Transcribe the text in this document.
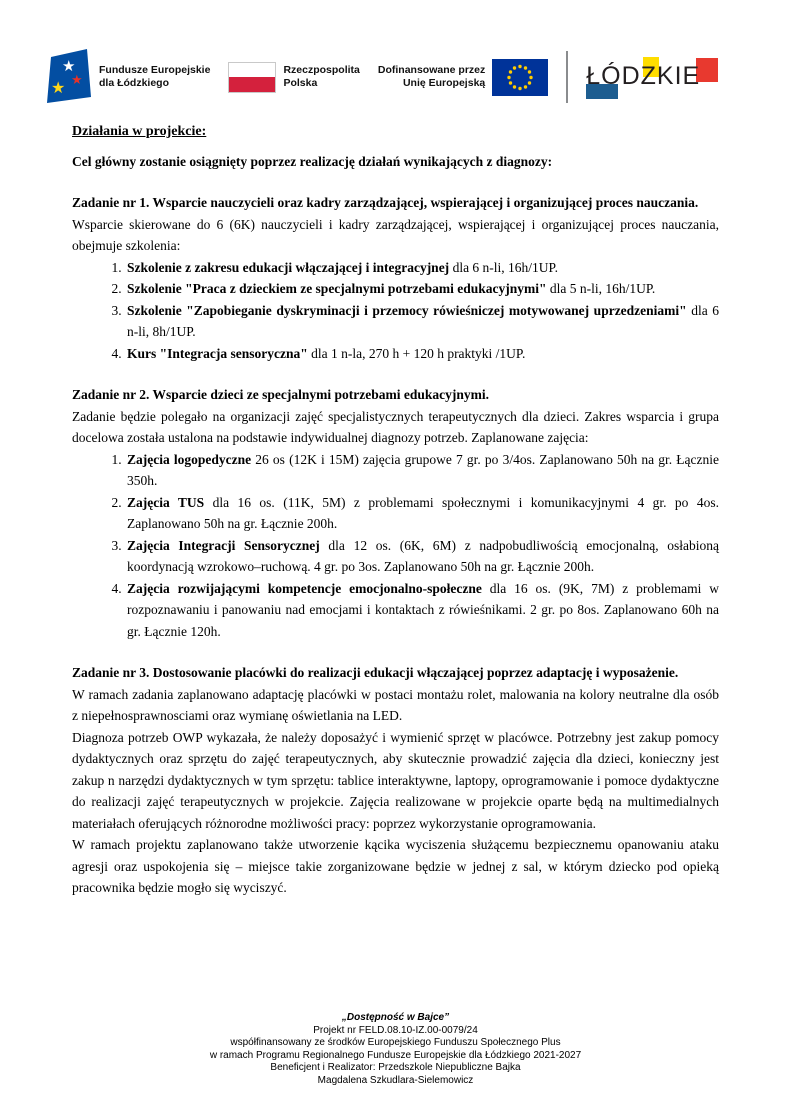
★
★
★
Fundusze Europejskie
dla Łódzkiego
Rzeczpospolita
Polska
Dofinansowane przez
Unię Europejską	ŁÓDZKIE
Działania w projekcie:

Cel główny zostanie osiągnięty poprzez realizację działań wynikających z diagnozy:

Zadanie nr 1. Wsparcie nauczycieli oraz kadry zarządzającej, wspierającej i organizującej proces nauczania.

Wsparcie skierowane do 6 (6K) nauczycieli i kadry zarządzającej, wspierającej i organizującej proces nauczania, obejmuje szkolenia:

1. Szkolenie z zakresu edukacji włączającej i integracyjnej dla 6 n-li, 16h/1UP.
2. Szkolenie "Praca z dzieckiem ze specjalnymi potrzebami edukacyjnymi" dla 5 n-li, 16h/1UP.
3. Szkolenie "Zapobieganie dyskryminacji i przemocy rówieśniczej motywowanej uprzedzeniami" dla 6 n-li, 8h/1UP.
4. Kurs "Integracja sensoryczna" dla 1 n-la, 270 h + 120 h praktyki /1UP.
Zadanie nr 2. Wsparcie dzieci ze specjalnymi potrzebami edukacyjnymi.

Zadanie będzie polegało na organizacji zajęć specjalistycznych terapeutycznych dla dzieci. Zakres wsparcia i grupa docelowa została ustalona na podstawie indywidualnej diagnozy potrzeb. Zaplanowane zajęcia:

1. Zajęcia logopedyczne 26 os (12K i 15M) zajęcia grupowe 7 gr. po 3/4os. Zaplanowano 50h na gr. Łącznie 350h.
2. Zajęcia TUS dla 16 os. (11K, 5M) z problemami społecznymi i komunikacyjnymi 4 gr. po 4os. Zaplanowano 50h na gr. Łącznie 200h.
3. Zajęcia Integracji Sensorycznej dla 12 os. (6K, 6M) z nadpobudliwością emocjonalną, osłabioną koordynacją wzrokowo–ruchową. 4 gr. po 3os. Zaplanowano 50h na gr. Łącznie 200h.
4. Zajęcia rozwijającymi kompetencje emocjonalno-społeczne dla 16 os. (9K, 7M) z problemami w rozpoznawaniu i panowaniu nad emocjami i kontaktach z rówieśnikami. 2 gr. po 8os. Zaplanowano 60h na gr. Łącznie 120h.
Zadanie nr 3. Dostosowanie placówki do realizacji edukacji włączającej poprzez adaptację i wyposażenie.

W ramach zadania zaplanowano adaptację placówki w postaci montażu rolet, malowania na kolory neutralne dla osób z niepełnosprawnosciami oraz wymianę oświetlania na LED.

Diagnoza potrzeb OWP wykazała, że należy doposażyć i wymienić sprzęt w placówce. Potrzebny jest zakup pomocy dydaktycznych oraz sprzętu do zajęć terapeutycznych, aby skutecznie prowadzić zajęcia dla dzieci, konieczny jest zakup n narzędzi dydaktycznych w tym sprzętu: tablice interaktywne, laptopy, oprogramowanie i pomoce dydaktyczne do realizacji zajęć terapeutycznych w projekcie. Zajęcia realizowane w projekcie oparte będą na multimedialnych materiałach oferujących różnorodne możliwości pracy: poprzez wykorzystanie oprogramowania.

W ramach projektu zaplanowano także utworzenie kącika wyciszenia służącemu bezpiecznemu opanowaniu ataku agresji oraz uspokojenia się – miejsce takie zorganizowane będzie w jednej z sal, w którym dziecko pod opieką pracownika będzie mogło się wyciszyć.

„Dostępność w Bajce”
Projekt nr FELD.08.10-IZ.00-0079/24
współfinansowany ze środków Europejskiego Funduszu Społecznego Plus
w ramach Programu Regionalnego Fundusze Europejskie dla Łódzkiego 2021-2027
Beneficjent i Realizator: Przedszkole Niepubliczne Bajka
Magdalena Szkudlara-Sielemowicz
